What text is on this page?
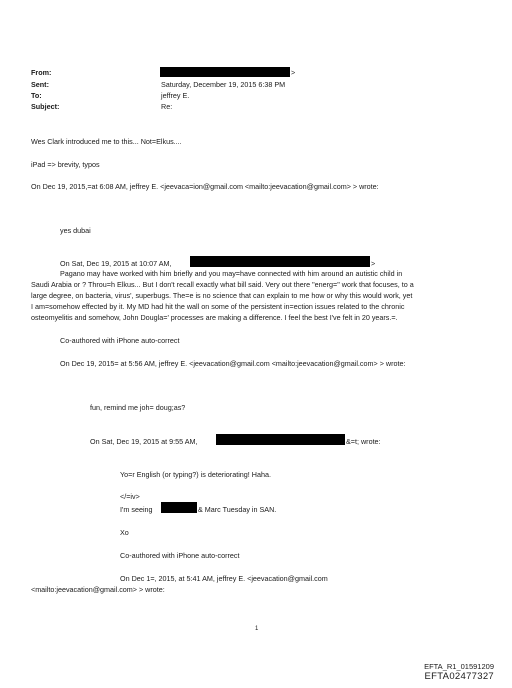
From:	>
Sent:	Saturday, December 19, 2015 6:38 PM
To:	jeffrey E.
Subject:	Re:
Wes Clark introduced me to this... Not=Elkus....
iPad => brevity, typos
On Dec 19, 2015,=at 6:08 AM, jeffrey E. <jeevaca=ion@gmail.com <mailto:jeevacation@gmail.com> > wrote:
yes dubai
On Sat, Dec 19, 2015 at 10:07 AM,	>
Pagano may have worked with him briefly and you may=have connected with him around an autistic child in
Saudi Arabia or ? Throu=h Elkus... But I don't recall exactly what bill said. Very out there "energ=" work that focuses, to a
large degree, on bacteria, virus', superbugs. The=e is no science that can explain to me how or why this would work, yet
I am=somehow effected by it. My MD had hit the wall on some of the persistent in=ection issues related to the chronic
osteomyelitis and somehow, John Dougla=' processes are making a difference. I feel the best I've felt in 20 years.=.
Co-authored with iPhone auto-correct
On Dec 19, 2015= at 5:56 AM, jeffrey E. <jeevacation@gmail.com <mailto:jeevacation@gmail.com> > wrote:
fun, remind me joh= doug;as?
On Sat, Dec 19, 2015 at 9:55 AM,	&=t; wrote:
Yo=r English (or typing?) is deteriorating! Haha.
</=iv>
I'm seeing	& Marc Tuesday in SAN.
Xo
Co-authored with iPhone auto-correct
On Dec 1=, 2015, at 5:41 AM, jeffrey E. <jeevacation@gmail.com
<mailto:jeevacation@gmail.com> > wrote:
1
EFTA_R1_01591209
EFTA02477327
